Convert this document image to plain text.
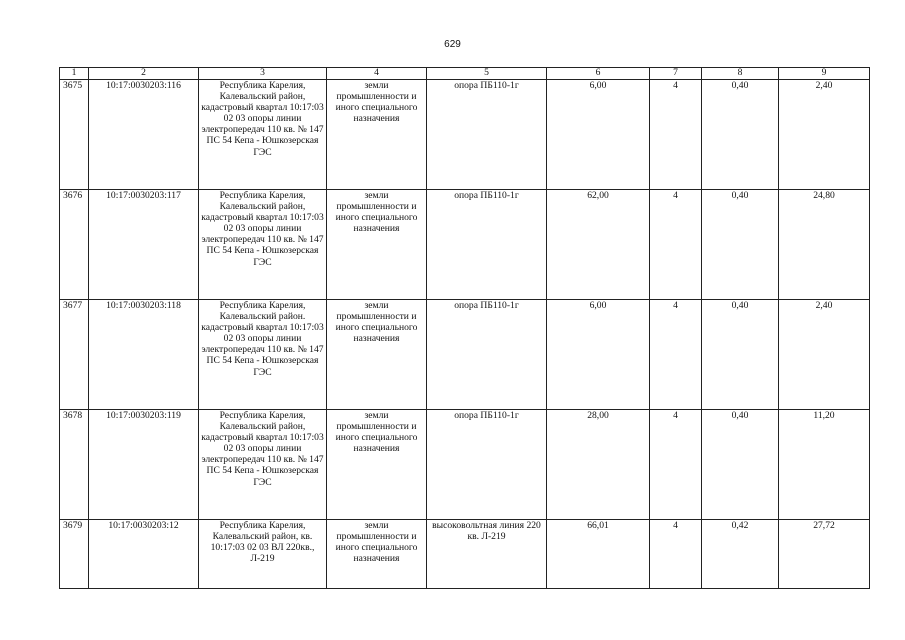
629
1	2	3	4	5	6	7	8	9
3675	10:17:0030203:116	Республика Карелия, Калевальский район, кадастровый квартал 10:17:03 02 03 опоры линии электропередач 110 кв. № 147 ПС 54 Кепа - Юшкозерская ГЭС	земли промышленности и иного специального назначения	опора ПБ110-1г	6,00	4	0,40	2,40
3676	10:17:0030203:117	Республика Карелия, Калевальский район, кадастровый квартал 10:17:03 02 03 опоры линии электропередач 110 кв. № 147 ПС 54 Кепа - Юшкозерская ГЭС	земли промышленности и иного специального назначения	опора ПБ110-1г	62,00	4	0,40	24,80
3677	10:17:0030203:118	Республика Карелия, Калевальский район. кадастровый квартал 10:17:03 02 03 опоры линии электропередач 110 кв. № 147 ПС 54 Кепа - Юшкозерская ГЭС	земли промышленности и иного специального назначения	опора ПБ110-1г	6,00	4	0,40	2,40
3678	10:17:0030203:119	Республика Карелия, Калевальский район, кадастровый квартал 10:17:03 02 03 опоры линии электропередач 110 кв. № 147 ПС 54 Кепа - Юшкозерская ГЭС	земли промышленности и иного специального назначения	опора ПБ110-1г	28,00	4	0,40	11,20
3679	10:17:0030203:12	Республика Карелия, Калевальский район, кв. 10:17:03 02 03 ВЛ 220кв., Л-219	земли промышленности и иного специального назначения	высоковольтная линия 220 кв. Л-219	66,01	4	0,42	27,72
